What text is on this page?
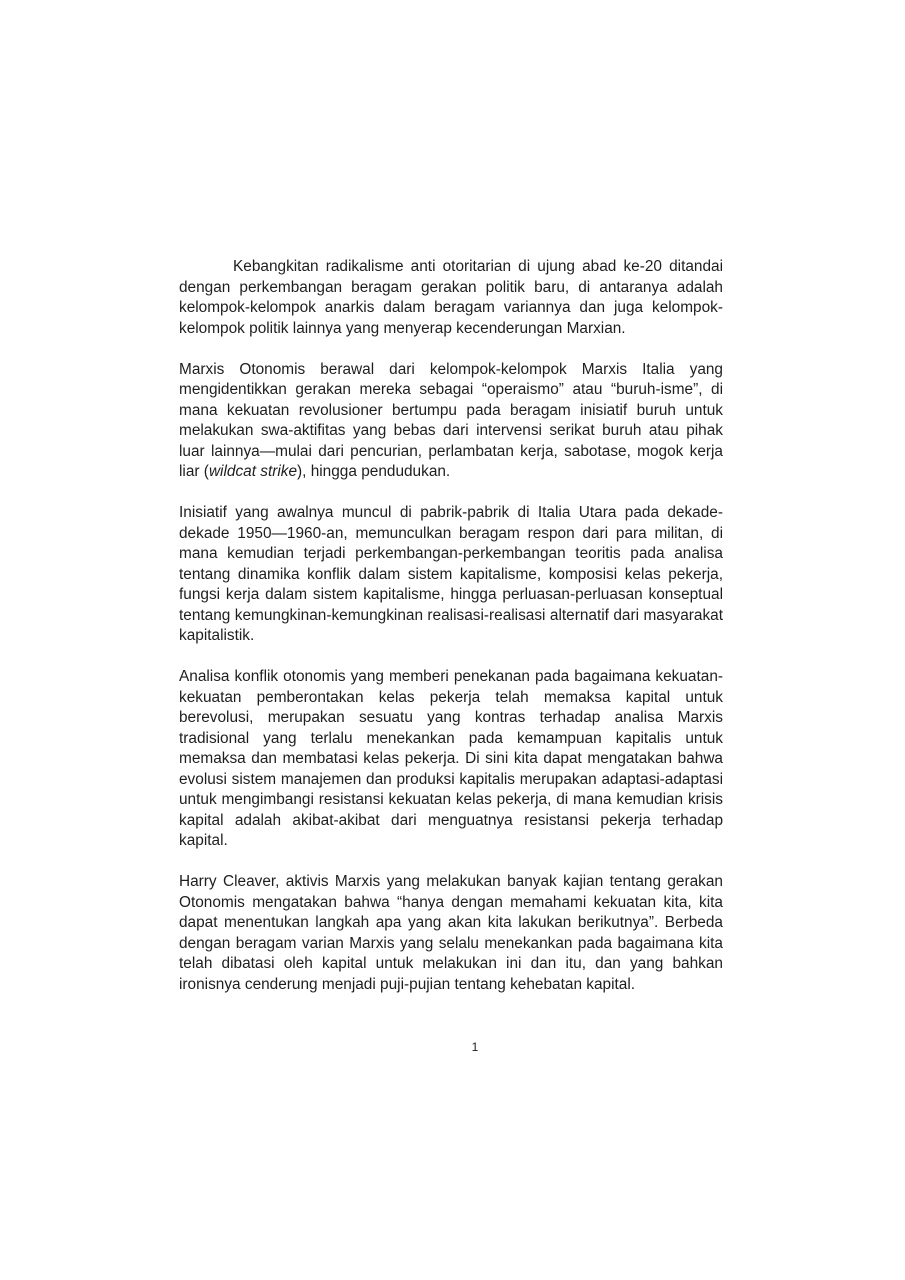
Kebangkitan radikalisme anti otoritarian di ujung abad ke-20 ditandai dengan perkembangan beragam gerakan politik baru, di antaranya adalah kelompok-kelompok anarkis dalam beragam variannya dan juga kelompok-kelompok politik lainnya yang menyerap kecenderungan Marxian.

Marxis Otonomis berawal dari kelompok-kelompok Marxis Italia yang mengidentikkan gerakan mereka sebagai “operaismo” atau “buruh-isme”, di mana kekuatan revolusioner bertumpu pada beragam inisiatif buruh untuk melakukan swa-aktifitas yang bebas dari intervensi serikat buruh atau pihak luar lainnya—mulai dari pencurian, perlambatan kerja, sabotase, mogok kerja liar (wildcat strike), hingga pendudukan.

Inisiatif yang awalnya muncul di pabrik-pabrik di Italia Utara pada dekade-dekade 1950—1960-an, memunculkan beragam respon dari para militan, di mana kemudian terjadi perkembangan-perkembangan teoritis pada analisa tentang dinamika konflik dalam sistem kapitalisme, komposisi kelas pekerja, fungsi kerja dalam sistem kapitalisme, hingga perluasan-perluasan konseptual tentang kemungkinan-kemungkinan realisasi-realisasi alternatif dari masyarakat kapitalistik.

Analisa konflik otonomis yang memberi penekanan pada bagaimana kekuatan-kekuatan pemberontakan kelas pekerja telah memaksa kapital untuk berevolusi, merupakan sesuatu yang kontras terhadap analisa Marxis tradisional yang terlalu menekankan pada kemampuan kapitalis untuk memaksa dan membatasi kelas pekerja. Di sini kita dapat mengatakan bahwa evolusi sistem manajemen dan produksi kapitalis merupakan adaptasi-adaptasi untuk mengimbangi resistansi kekuatan kelas pekerja, di mana kemudian krisis kapital adalah akibat-akibat dari menguatnya resistansi pekerja terhadap kapital.

Harry Cleaver, aktivis Marxis yang melakukan banyak kajian tentang gerakan Otonomis mengatakan bahwa “hanya dengan memahami kekuatan kita, kita dapat menentukan langkah apa yang akan kita lakukan berikutnya”. Berbeda dengan beragam varian Marxis yang selalu menekankan pada bagaimana kita telah dibatasi oleh kapital untuk melakukan ini dan itu, dan yang bahkan ironisnya cenderung menjadi puji-pujian tentang kehebatan kapital.

1
